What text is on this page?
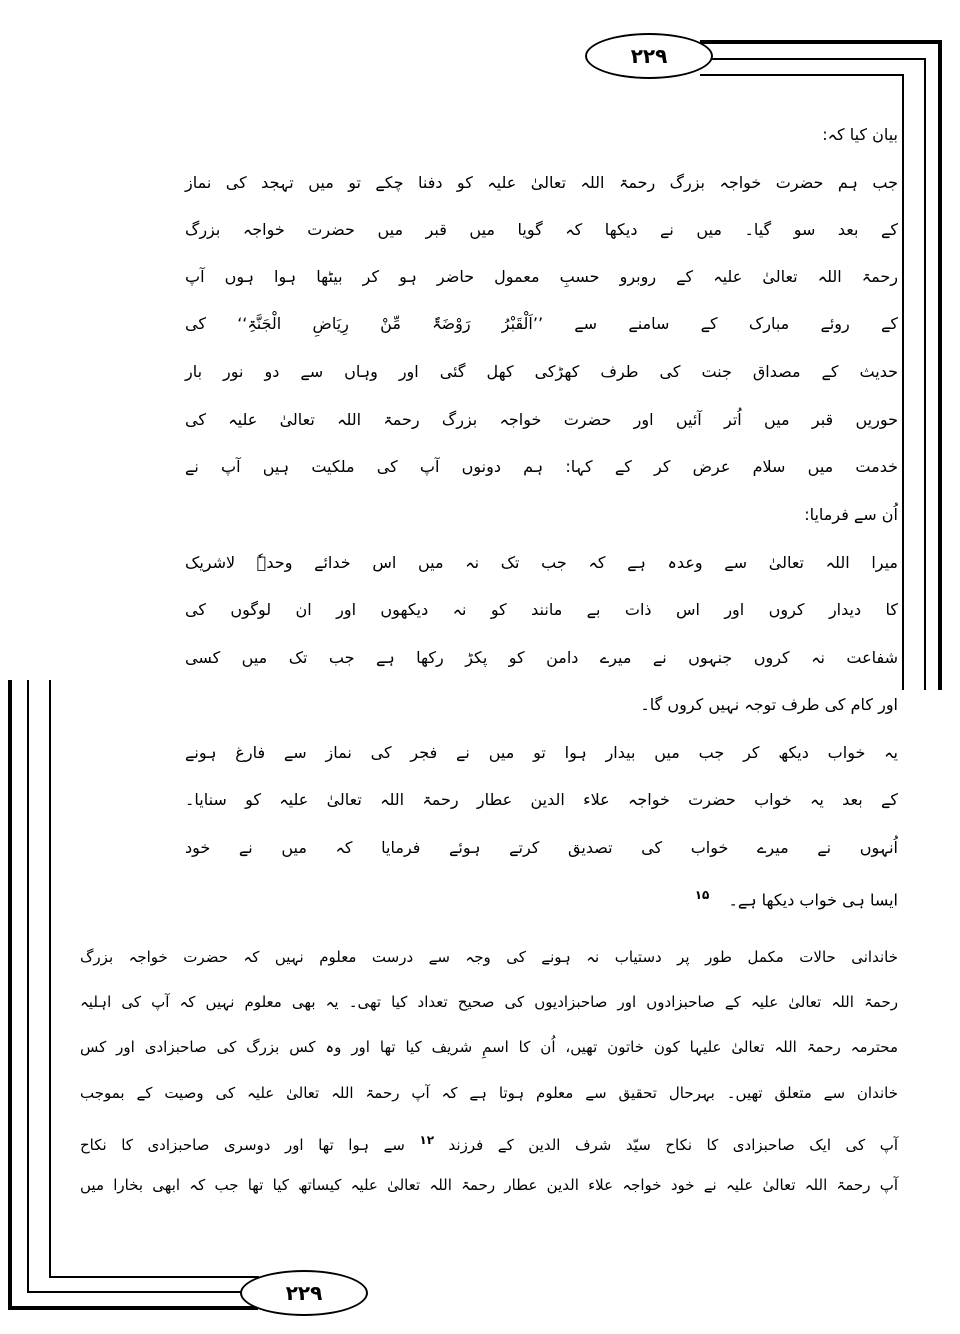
۲۲۹
۲۲۹
بیان کیا کہ:
جب ہم حضرت خواجہ بزرگ رحمۃ اللہ تعالیٰ علیہ کو دفنا چکے تو میں تہجد کی نماز
کے بعد سو گیا۔ میں نے دیکھا کہ گویا میں قبر میں حضرت خواجہ بزرگ
رحمۃ اللہ تعالیٰ علیہ کے روبرو حسبِ معمول حاضر ہو کر بیٹھا ہوا ہوں آپ
کے روئے مبارک کے سامنے سے ’’اَلْقَبْرُ رَوْضَۃٌ مِّنْ رِیَاضِ الْجَنَّۃِ‘‘ کی
حدیث کے مصداق جنت کی طرف کھڑکی کھل گئی اور وہاں سے دو نور بار
حوریں قبر میں اُتر آئیں اور حضرت خواجہ بزرگ رحمۃ اللہ تعالیٰ علیہ کی
خدمت میں سلام عرض کر کے کہا: ہم دونوں آپ کی ملکیت ہیں آپ نے
اُن سے فرمایا:
میرا اللہ تعالیٰ سے وعدہ ہے کہ جب تک نہ میں اس خدائے وحدہٗ لاشریک
کا دیدار کروں اور اس ذات بے مانند کو نہ دیکھوں اور ان لوگوں کی
شفاعت نہ کروں جنہوں نے میرے دامن کو پکڑ رکھا ہے جب تک میں کسی
اور کام کی طرف توجہ نہیں کروں گا۔
یہ خواب دیکھ کر جب میں بیدار ہوا تو میں نے فجر کی نماز سے فارغ ہونے
کے بعد یہ خواب حضرت خواجہ علاء الدین عطار رحمۃ اللہ تعالیٰ علیہ کو سنایا۔
اُنہوں نے میرے خواب کی تصدیق کرتے ہوئے فرمایا کہ میں نے خود
ایسا ہی خواب دیکھا ہے۔ $^{۱۵}$
خاندانی حالات مکمل طور پر دستیاب نہ ہونے کی وجہ سے درست معلوم نہیں کہ حضرت خواجہ بزرگ
رحمۃ اللہ تعالیٰ علیہ کے صاحبزادوں اور صاحبزادیوں کی صحیح تعداد کیا تھی۔ یہ بھی معلوم نہیں کہ آپ کی اہلیہ
محترمہ رحمۃ اللہ تعالیٰ علیہا کون خاتون تھیں، اُن کا اسمِ شریف کیا تھا اور وہ کس بزرگ کی صاحبزادی اور کس
خاندان سے متعلق تھیں۔ بہرحال تحقیق سے معلوم ہوتا ہے کہ آپ رحمۃ اللہ تعالیٰ علیہ کی وصیت کے بموجب
آپ کی ایک صاحبزادی کا نکاح سیّد شرف الدین کے فرزند $^{۱۲}$ سے ہوا تھا اور دوسری صاحبزادی کا نکاح
آپ رحمۃ اللہ تعالیٰ علیہ نے خود خواجہ علاء الدین عطار رحمۃ اللہ تعالیٰ علیہ کیساتھ کیا تھا جب کہ ابھی بخارا میں
